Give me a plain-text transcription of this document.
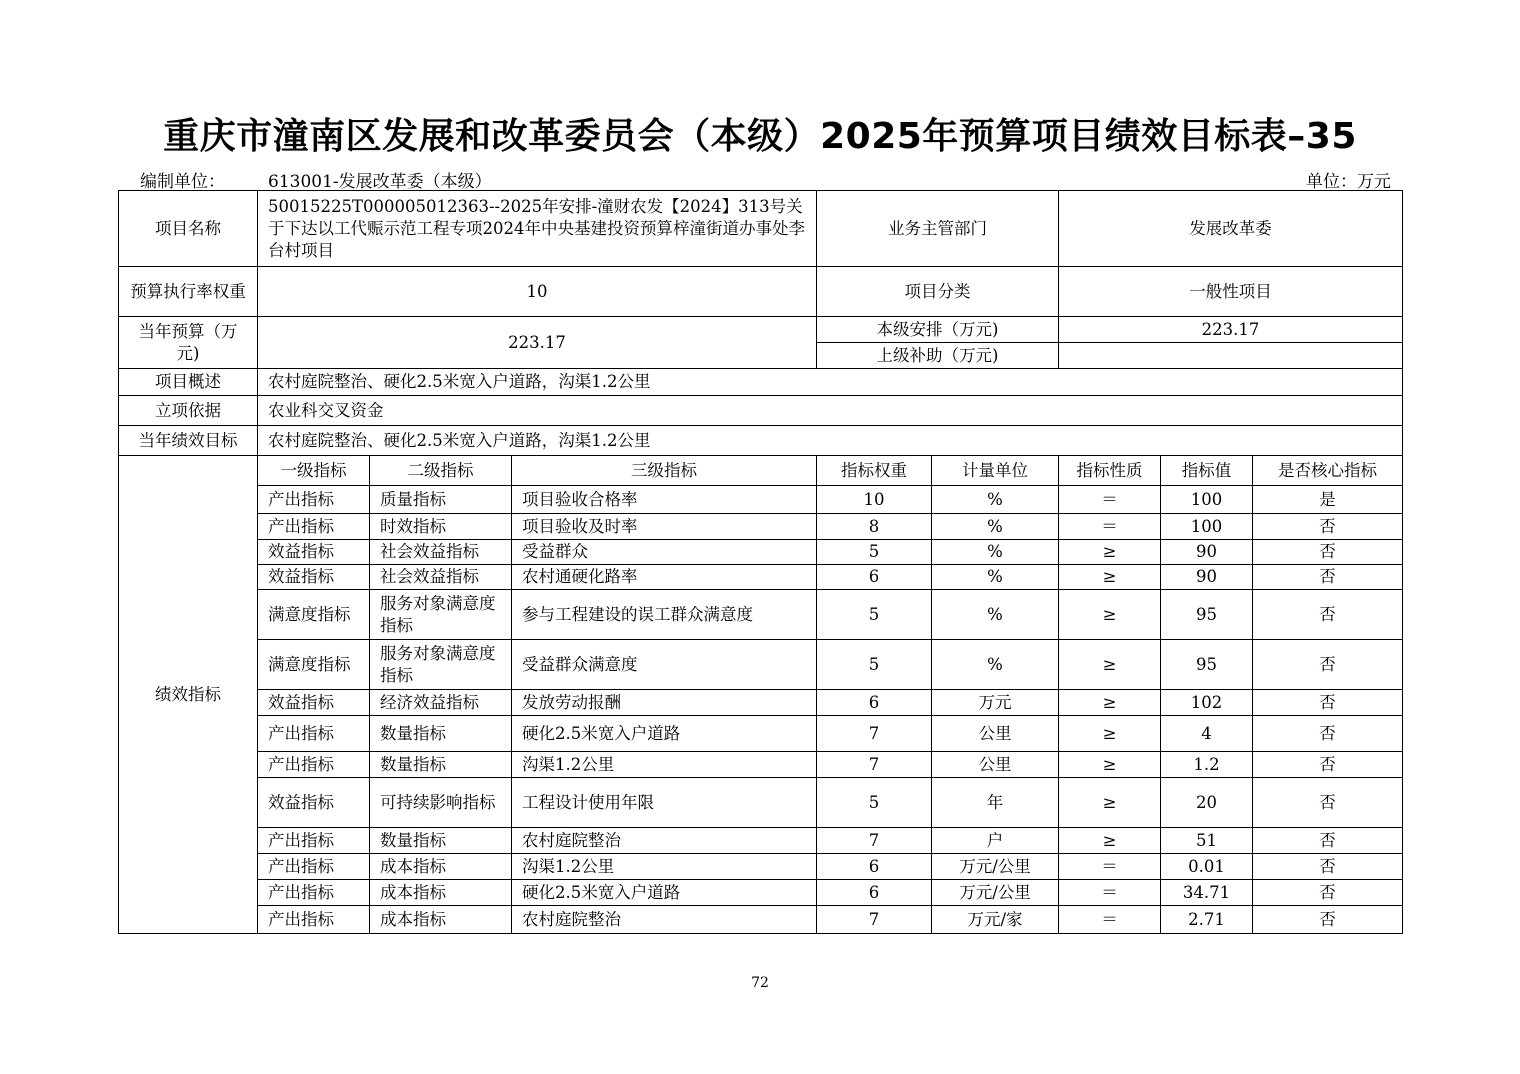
重庆市潼南区发展和改革委员会（本级）2025年预算项目绩效目标表–35
编制单位：	613001-发展改革委（本级）	单位：万元
项目名称	50015225T000005012363--2025年安排-潼财农发【2024】313号关于下达以工代赈示范工程专项2024年中央基建投资预算梓潼街道办事处李台村项目			业务主管部门		发展改革委		
预算执行率权重	10			项目分类		一般性项目		
当年预算（万元)	223.17			本级安排（万元)		223.17		
				上级补助（万元)				
项目概述	农村庭院整治、硬化2.5米宽入户道路，沟渠1.2公里							
立项依据	农业科交叉资金							
当年绩效目标	农村庭院整治、硬化2.5米宽入户道路，沟渠1.2公里							
绩效指标	一级指标	二级指标	三级指标	指标权重	计量单位	指标性质	指标值	是否核心指标
	产出指标	质量指标	项目验收合格率	10	%	＝	100	是
	产出指标	时效指标	项目验收及时率	8	%	＝	100	否
	效益指标	社会效益指标	受益群众	5	%	≥	90	否
	效益指标	社会效益指标	农村通硬化路率	6	%	≥	90	否
	满意度指标	服务对象满意度指标	参与工程建设的误工群众满意度	5	%	≥	95	否
	满意度指标	服务对象满意度指标	受益群众满意度	5	%	≥	95	否
	效益指标	经济效益指标	发放劳动报酬	6	万元	≥	102	否
	产出指标	数量指标	硬化2.5米宽入户道路	7	公里	≥	4	否
	产出指标	数量指标	沟渠1.2公里	7	公里	≥	1.2	否
	效益指标	可持续影响指标	工程设计使用年限	5	年	≥	20	否
	产出指标	数量指标	农村庭院整治	7	户	≥	51	否
	产出指标	成本指标	沟渠1.2公里	6	万元/公里	＝	0.01	否
	产出指标	成本指标	硬化2.5米宽入户道路	6	万元/公里	＝	34.71	否
	产出指标	成本指标	农村庭院整治	7	万元/家	＝	2.71	否
72
